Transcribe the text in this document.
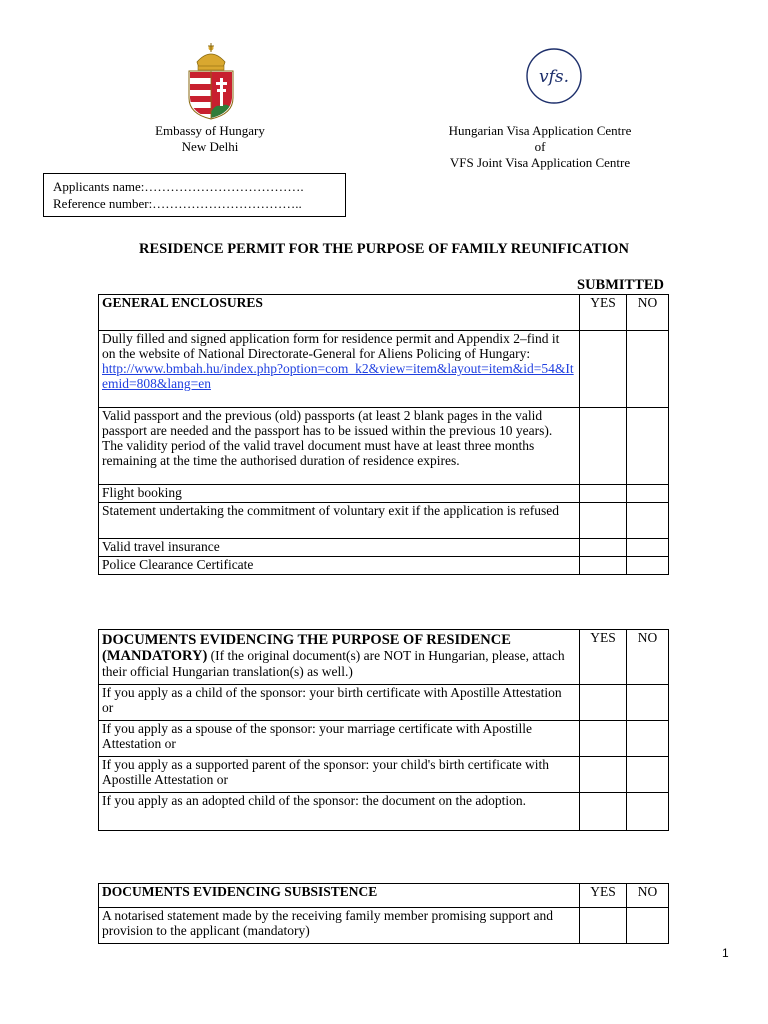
vfs.
Embassy of Hungary
New Delhi
Hungarian Visa Application Centre
of
VFS Joint Visa Application Centre
Applicants name:……………………………….
Reference number:……………………………..
RESIDENCE PERMIT FOR THE PURPOSE OF FAMILY REUNIFICATION
SUBMITTED
GENERAL ENCLOSURES	YES	NO
Dully filled and signed application form for residence permit and Appendix 2–find it on the website of National Directorate-General for Aliens Policing of Hungary:
http://www.bmbah.hu/index.php?option=com_k2&view=item&layout=item&id=54&Itemid=808&lang=en		
Valid passport and the previous (old) passports (at least 2 blank pages in the valid passport are needed and the passport has to be issued within the previous 10 years). The validity period of the valid travel document must have at least three months remaining at the time the authorised duration of residence expires.		
Flight booking		
Statement undertaking the commitment of voluntary exit if the application is refused		
Valid travel insurance		
Police Clearance Certificate		
DOCUMENTS EVIDENCING THE PURPOSE OF RESIDENCE (MANDATORY) (If the original document(s) are NOT in Hungarian, please, attach their official Hungarian translation(s) as well.)	YES	NO
If you apply as a child of the sponsor: your birth certificate with Apostille Attestation or		
If you apply as a spouse of the sponsor: your marriage certificate with Apostille Attestation or		
If you apply as a supported parent of the sponsor: your child's birth certificate with Apostille Attestation or		
If you apply as an adopted child of the sponsor: the document on the adoption.		
DOCUMENTS EVIDENCING SUBSISTENCE	YES	NO
A notarised statement made by the receiving family member promising support and provision to the applicant (mandatory)		
1
